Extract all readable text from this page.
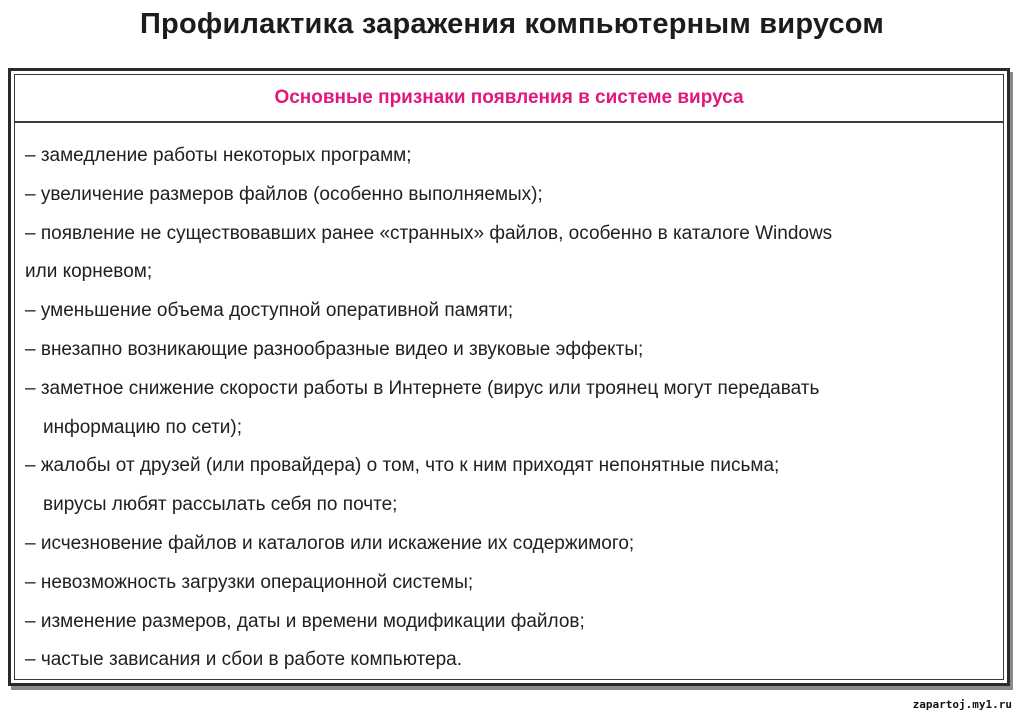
Профилактика заражения компьютерным вирусом
Основные признаки появления в системе вируса
– замедление работы некоторых программ;
– увеличение размеров файлов (особенно выполняемых);
– появление не существовавших ранее «странных» файлов, особенно в каталоге Windows
или корневом;
– уменьшение объема доступной оперативной памяти;
– внезапно возникающие разнообразные видео и звуковые эффекты;
– заметное снижение скорости работы в Интернете (вирус или троянец могут передавать
информацию по сети);
– жалобы от друзей (или провайдера) о том, что к ним приходят непонятные письма;
вирусы любят рассылать себя по почте;
– исчезновение файлов и каталогов или искажение их содержимого;
– невозможность загрузки операционной системы;
– изменение размеров, даты и времени модификации файлов;
– частые зависания и сбои в работе компьютера.
zapartoj.my1.ru
